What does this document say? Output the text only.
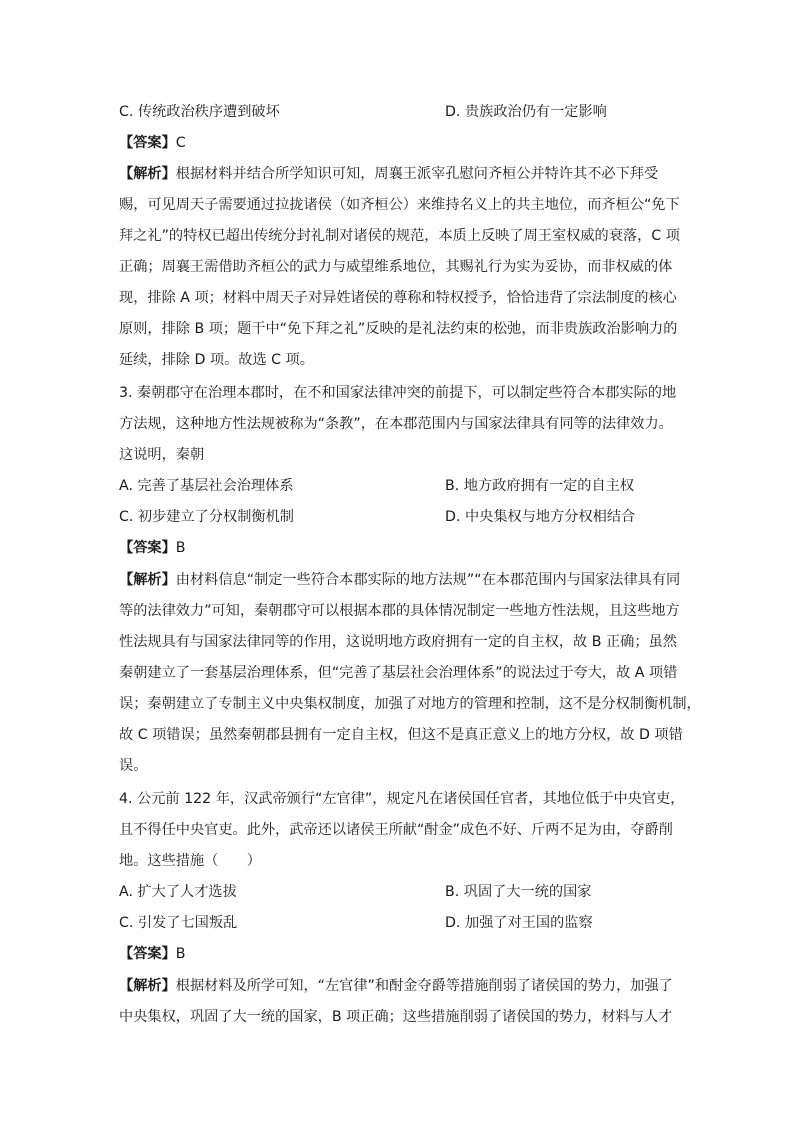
C. 传统政治秩序遭到破坏	D. 贵族政治仍有一定影响
【答案】C
【解析】根据材料并结合所学知识可知，周襄王派宰孔慰问齐桓公并特许其不必下拜受
赐，可见周天子需要通过拉拢诸侯（如齐桓公）来维持名义上的共主地位，而齐桓公“免下
拜之礼”的特权已超出传统分封礼制对诸侯的规范，本质上反映了周王室权威的衰落，C 项
正确；周襄王需借助齐桓公的武力与威望维系地位，其赐礼行为实为妥协，而非权威的体
现，排除 A 项；材料中周天子对异姓诸侯的尊称和特权授予，恰恰违背了宗法制度的核心
原则，排除 B 项；题干中“免下拜之礼”反映的是礼法约束的松弛，而非贵族政治影响力的
延续，排除 D 项。故选 C 项。
3. 秦朝郡守在治理本郡时，在不和国家法律冲突的前提下，可以制定些符合本郡实际的地
方法规，这种地方性法规被称为“条教”，在本郡范围内与国家法律具有同等的法律效力。
这说明，秦朝
A. 完善了基层社会治理体系	B. 地方政府拥有一定的自主权
C. 初步建立了分权制衡机制	D. 中央集权与地方分权相结合
【答案】B
【解析】由材料信息“制定一些符合本郡实际的地方法规”“在本郡范围内与国家法律具有同
等的法律效力”可知，秦朝郡守可以根据本郡的具体情况制定一些地方性法规，且这些地方
性法规具有与国家法律同等的作用，这说明地方政府拥有一定的自主权，故 B 正确；虽然
秦朝建立了一套基层治理体系，但“完善了基层社会治理体系”的说法过于夸大，故 A 项错
误；秦朝建立了专制主义中央集权制度，加强了对地方的管理和控制，这不是分权制衡机制，
故 C 项错误；虽然秦朝郡县拥有一定自主权，但这不是真正意义上的地方分权，故 D 项错
误。
4. 公元前 122 年，汉武帝颁行“左官律”，规定凡在诸侯国任官者，其地位低于中央官吏，
且不得任中央官吏。此外，武帝还以诸侯王所献“酎金”成色不好、斤两不足为由，夺爵削
地。这些措施（　　）
A. 扩大了人才选拔	B. 巩固了大一统的国家
C. 引发了七国叛乱	D. 加强了对王国的监察
【答案】B
【解析】根据材料及所学可知，“左官律”和酎金夺爵等措施削弱了诸侯国的势力，加强了
中央集权，巩固了大一统的国家，B 项正确；这些措施削弱了诸侯国的势力，材料与人才
